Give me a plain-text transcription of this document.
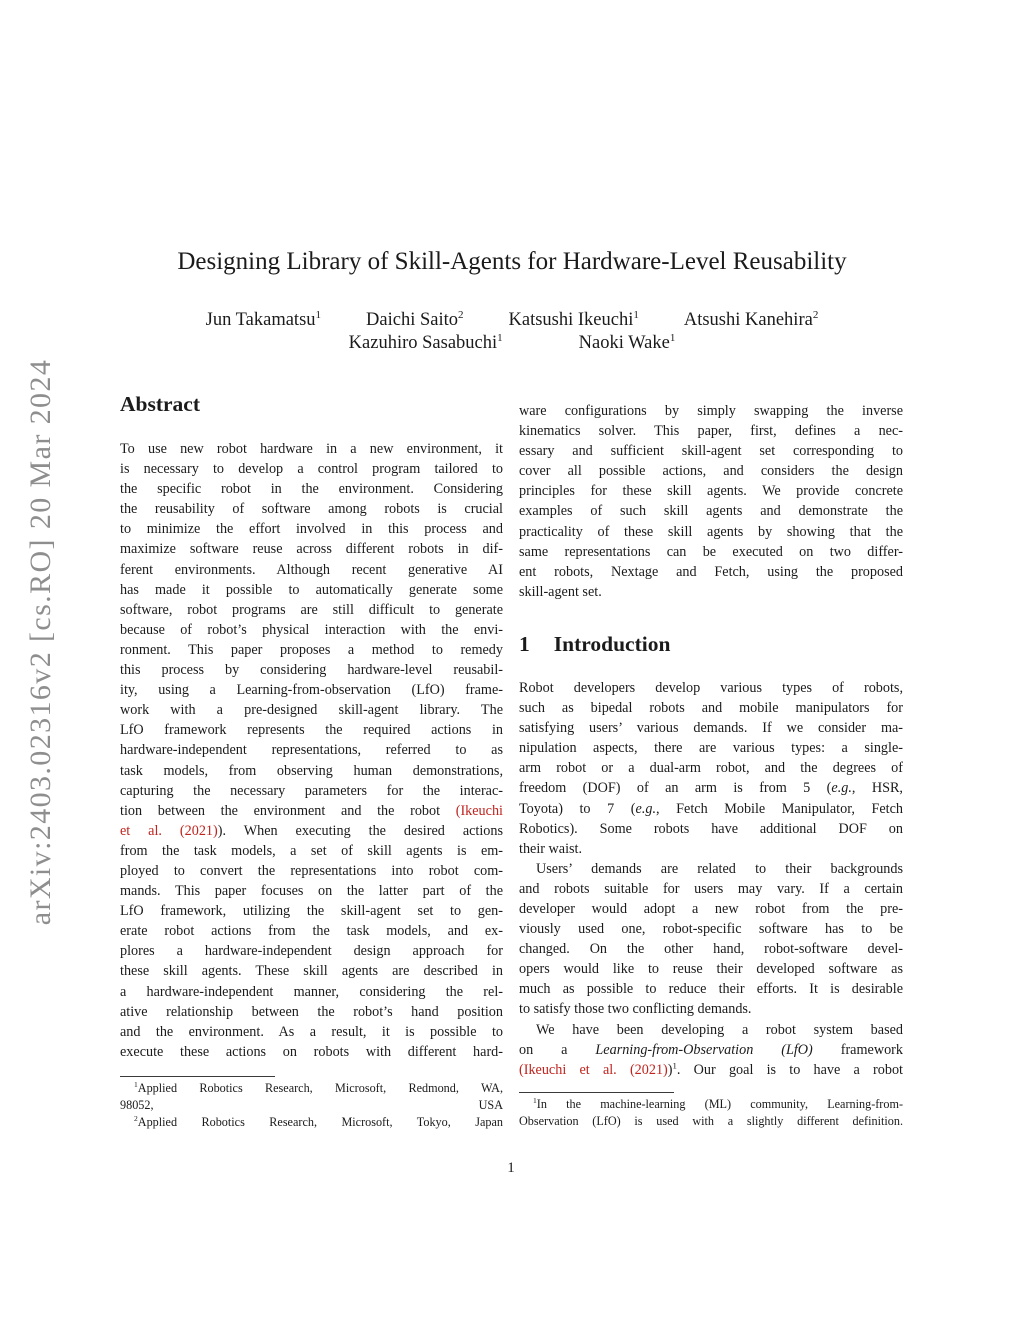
arXiv:2403.02316v2 [cs.RO] 20 Mar 2024
Designing Library of Skill-Agents for Hardware-Level Reusability
Jun Takamatsu$^1$ Daichi Saito$^2$ Katsushi Ikeuchi$^1$ Atsushi Kanehira$^2$
Kazuhiro Sasabuchi$^1$	Naoki Wake$^1$
Abstract
To use new robot hardware in a new environment, it
is necessary to develop a control program tailored to
the specific robot in the environment. Considering
the reusability of software among robots is crucial
to minimize the effort involved in this process and
maximize software reuse across different robots in dif-
ferent environments. Although recent generative AI
has made it possible to automatically generate some
software, robot programs are still difficult to generate
because of robot’s physical interaction with the envi-
ronment. This paper proposes a method to remedy
this process by considering hardware-level reusabil-
ity, using a Learning-from-observation (LfO) frame-
work with a pre-designed skill-agent library. The
LfO framework represents the required actions in
hardware-independent representations, referred to as
task models, from observing human demonstrations,
capturing the necessary parameters for the interac-
tion between the environment and the robot (Ikeuchi
et al. (2021)). When executing the desired actions
from the task models, a set of skill agents is em-
ployed to convert the representations into robot com-
mands. This paper focuses on the latter part of the
LfO framework, utilizing the skill-agent set to gen-
erate robot actions from the task models, and ex-
plores a hardware-independent design approach for
these skill agents. These skill agents are described in
a hardware-independent manner, considering the rel-
ative relationship between the robot’s hand position
and the environment. As a result, it is possible to
execute these actions on robots with different hard-
$^1$Applied Robotics Research, Microsoft, Redmond, WA,
98052, USA
$^2$Applied Robotics Research, Microsoft, Tokyo, Japan
ware configurations by simply swapping the inverse
kinematics solver. This paper, first, defines a nec-
essary and sufficient skill-agent set corresponding to
cover all possible actions, and considers the design
principles for these skill agents. We provide concrete
examples of such skill agents and demonstrate the
practicality of these skill agents by showing that the
same representations can be executed on two differ-
ent robots, Nextage and Fetch, using the proposed
skill-agent set.
1 Introduction
Robot developers develop various types of robots,
such as bipedal robots and mobile manipulators for
satisfying users’ various demands. If we consider ma-
nipulation aspects, there are various types: a single-
arm robot or a dual-arm robot, and the degrees of
freedom (DOF) of an arm is from 5 (e.g., HSR,
Toyota) to 7 (e.g., Fetch Mobile Manipulator, Fetch
Robotics). Some robots have additional DOF on
their waist.
Users’ demands are related to their backgrounds
and robots suitable for users may vary. If a certain
developer would adopt a new robot from the pre-
viously used one, robot-specific software has to be
changed. On the other hand, robot-software devel-
opers would like to reuse their developed software as
much as possible to reduce their efforts. It is desirable
to satisfy those two conflicting demands.
We have been developing a robot system based
on a Learning-from-Observation (LfO) framework
(Ikeuchi et al. (2021))$^1$. Our goal is to have a robot
$^1$In the machine-learning (ML) community, Learning-from-
Observation (LfO) is used with a slightly different definition.
1
